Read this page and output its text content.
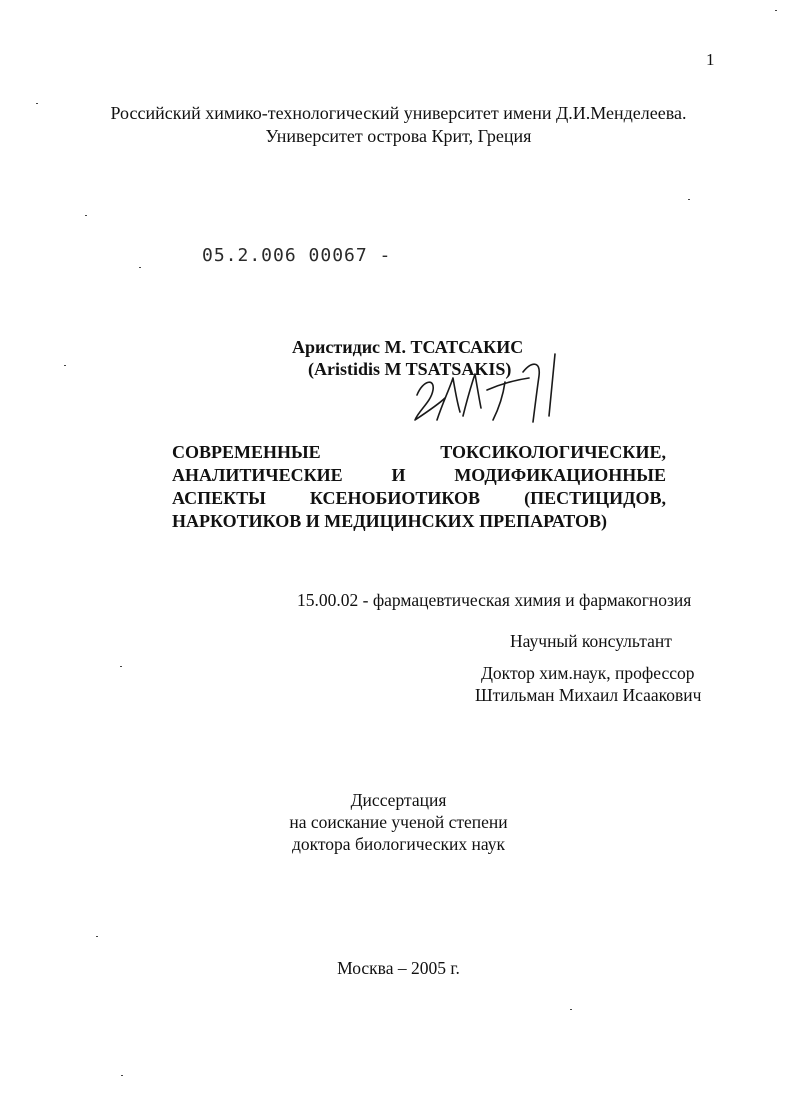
1
Российский химико-технологический университет имени Д.И.Менделеева.
Университет острова Крит, Греция
05.2.006 00067 -
Аристидис М. ТСАТСАКИС
(Aristidis M TSATSAKIS)
СОВРЕМЕННЫЕ	ТОКСИКОЛОГИЧЕСКИЕ,
АНАЛИТИЧЕСКИЕ	И	МОДИФИКАЦИОННЫЕ
АСПЕКТЫ КСЕНОБИОТИКОВ (ПЕСТИЦИДОВ,
НАРКОТИКОВ И МЕДИЦИНСКИХ ПРЕПАРАТОВ)
15.00.02 - фармацевтическая химия и фармакогнозия
Научный консультант
Доктор хим.наук, профессор
Штильман Михаил Исаакович
Диссертация
на соискание ученой степени
доктора биологических наук
Москва – 2005 г.
